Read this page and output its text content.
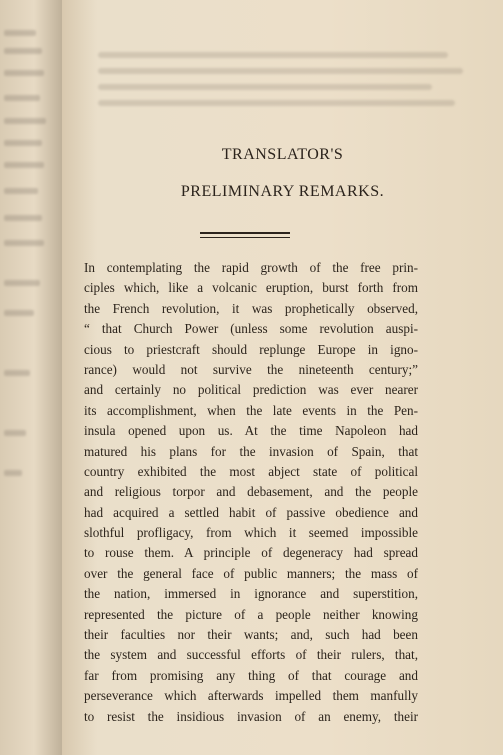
TRANSLATOR'S
PRELIMINARY REMARKS.
In contemplating the rapid growth of the free prin-
ciples which, like a volcanic eruption, burst forth from
the French revolution, it was prophetically observed,
“ that Church Power (unless some revolution auspi-
cious to priestcraft should replunge Europe in igno-
rance) would not survive the nineteenth century;”
and certainly no political prediction was ever nearer
its accomplishment, when the late events in the Pen-
insula opened upon us. At the time Napoleon had
matured his plans for the invasion of Spain, that
country exhibited the most abject state of political
and religious torpor and debasement, and the people
had acquired a settled habit of passive obedience and
slothful profligacy, from which it seemed impossible
to rouse them. A principle of degeneracy had spread
over the general face of public manners; the mass of
the nation, immersed in ignorance and superstition,
represented the picture of a people neither knowing
their faculties nor their wants; and, such had been
the system and successful efforts of their rulers, that,
far from promising any thing of that courage and
perseverance which afterwards impelled them manfully
to resist the insidious invasion of an enemy, their
